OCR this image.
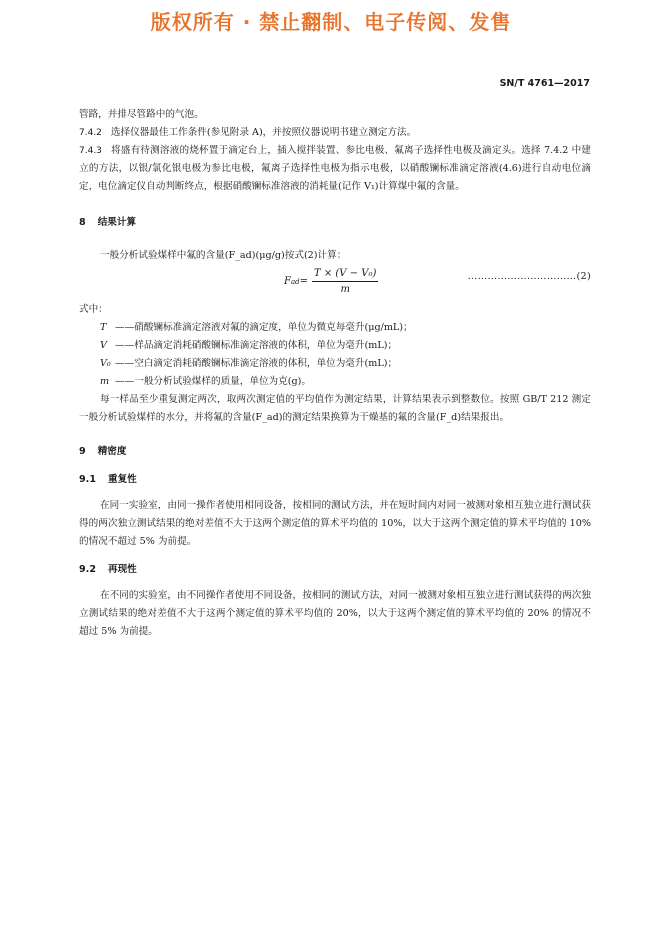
版权所有 · 禁止翻制、电子传阅、发售
SN/T 4761—2017

管路，并排尽管路中的气泡。

7.4.2 选择仪器最佳工作条件(参见附录 A)，并按照仪器说明书建立测定方法。

7.4.3 将盛有待测溶液的烧杯置于滴定台上，插入搅拌装置、参比电极、氟离子选择性电极及滴定头。选择 7.4.2 中建立的方法，以银/氯化银电极为参比电极，氟离子选择性电极为指示电极，以硝酸镧标准滴定溶液(4.6)进行自动电位滴定，电位滴定仪自动判断终点，根据硝酸镧标准溶液的消耗量(记作 V₁)计算煤中氟的含量。

8 结果计算

一般分析试验煤样中氟的含量(F_ad)(μg/g)按式(2)计算：

F ad = $\frac{\text{T × (V − V₀)}}{m}$	……………………………(2)

式中：

T ——硝酸镧标准滴定溶液对氟的滴定度，单位为微克每毫升(μg/mL)；

V ——样品滴定消耗硝酸镧标准滴定溶液的体积，单位为毫升(mL)；

V₀ ——空白滴定消耗硝酸镧标准滴定溶液的体积，单位为毫升(mL)；

m ——一般分析试验煤样的质量，单位为克(g)。

每一样品至少重复测定两次，取两次测定值的平均值作为测定结果，计算结果表示到整数位。按照 GB/T 212 测定一般分析试验煤样的水分，并将氟的含量(F_ad)的测定结果换算为干燥基的氟的含量(F_d)结果报出。

9 精密度

9.1 重复性

在同一实验室，由同一操作者使用相同设备，按相同的测试方法，并在短时间内对同一被测对象相互独立进行测试获得的两次独立测试结果的绝对差值不大于这两个测定值的算术平均值的 10%，以大于这两个测定值的算术平均值的 10% 的情况不超过 5% 为前提。

9.2 再现性

在不同的实验室，由不同操作者使用不同设备，按相同的测试方法，对同一被测对象相互独立进行测试获得的两次独立测试结果的绝对差值不大于这两个测定值的算术平均值的 20%，以大于这两个测定值的算术平均值的 20% 的情况不超过 5% 为前提。
